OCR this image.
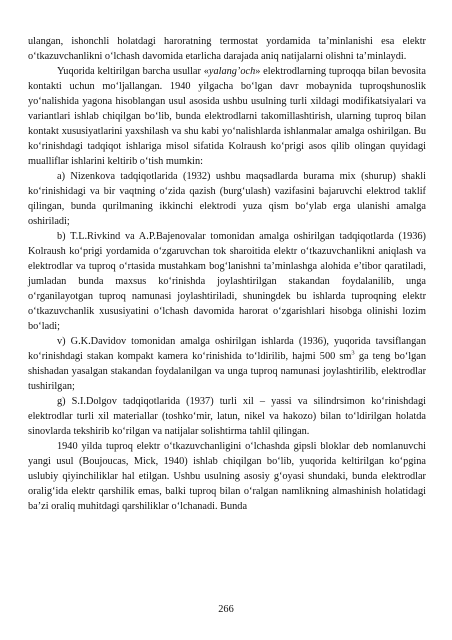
ulangan, ishonchli holatdagi haroratning termostat yordamida ta’minlanishi esa elektr o‘tkazuvchanlikni o‘lchash davomida etarlicha darajada aniq natijalarni olishni ta’minlaydi.

Yuqorida keltirilgan barcha usullar «yalang’och» elektrodlarning tuproqqa bilan bevosita kontakti uchun mo‘ljallangan. 1940 yilgacha bo‘lgan davr mobaynida tuproqshunoslik yo‘nalishida yagona hisoblangan usul asosida ushbu usulning turli xildagi modifikatsiyalari va variantlari ishlab chiqilgan bo‘lib, bunda elektrodlarni takomillashtirish, ularning tuproq bilan kontakt xususiyatlarini yaxshilash va shu kabi yo‘nalishlarda ishlanmalar amalga oshirilgan. Bu ko‘rinishdagi tadqiqot ishlariga misol sifatida Kolraush ko‘prigi asos qilib olingan quyidagi mualliflar ishlarini keltirib o‘tish mumkin:

a) Nizenkova tadqiqotlarida (1932) ushbu maqsadlarda burama mix (shurup) shakli ko‘rinishidagi va bir vaqtning o‘zida qazish (burg‘ulash) vazifasini bajaruvchi elektrod taklif qilingan, bunda qurilmaning ikkinchi elektrodi yuza qism bo‘ylab erga ulanishi amalga oshiriladi;

b) T.L.Rivkind va A.P.Bajenovalar tomonidan amalga oshirilgan tadqiqotlarda (1936) Kolraush ko‘prigi yordamida o‘zgaruvchan tok sharoitida elektr o‘tkazuvchanlikni aniqlash va elektrodlar va tuproq o‘rtasida mustahkam bog‘lanishni ta’minlashga alohida e’tibor qaratiladi, jumladan bunda maxsus ko‘rinishda joylashtirilgan stakandan foydalanilib, unga o‘rganilayotgan tuproq namunasi joylashtiriladi, shuningdek bu ishlarda tuproqning elektr o‘tkazuvchanlik xususiyatini o‘lchash davomida harorat o‘zgarishlari hisobga olinishi lozim bo‘ladi;

v) G.K.Davidov tomonidan amalga oshirilgan ishlarda (1936), yuqorida tavsiflangan ko‘rinishdagi stakan kompakt kamera ko‘rinishida to‘ldirilib, hajmi 500 $sm^3$ ga teng bo‘lgan shishadan yasalgan stakandan foydalanilgan va unga tuproq namunasi joylashtirilib, elektrodlar tushirilgan;

g) S.I.Dolgov tadqiqotlarida (1937) turli xil – yassi va silindrsimon ko‘rinishdagi elektrodlar turli xil materiallar (toshko‘mir, latun, nikel va hakozo) bilan to‘ldirilgan holatda sinovlarda tekshirib ko‘rilgan va natijalar solishtirma tahlil qilingan.

1940 yilda tuproq elektr o‘tkazuvchanligini o‘lchashda gipsli bloklar deb nomlanuvchi yangi usul (Boujoucas, Mick, 1940) ishlab chiqilgan bo‘lib, yuqorida keltirilgan ko‘pgina uslubiy qiyinchiliklar hal etilgan. Ushbu usulning asosiy g‘oyasi shundaki, bunda elektrodlar oralig‘ida elektr qarshilik emas, balki tuproq bilan o‘ralgan namlikning almashinish holatidagi ba’zi oraliq muhitdagi qarshiliklar o‘lchanadi. Bunda

266
